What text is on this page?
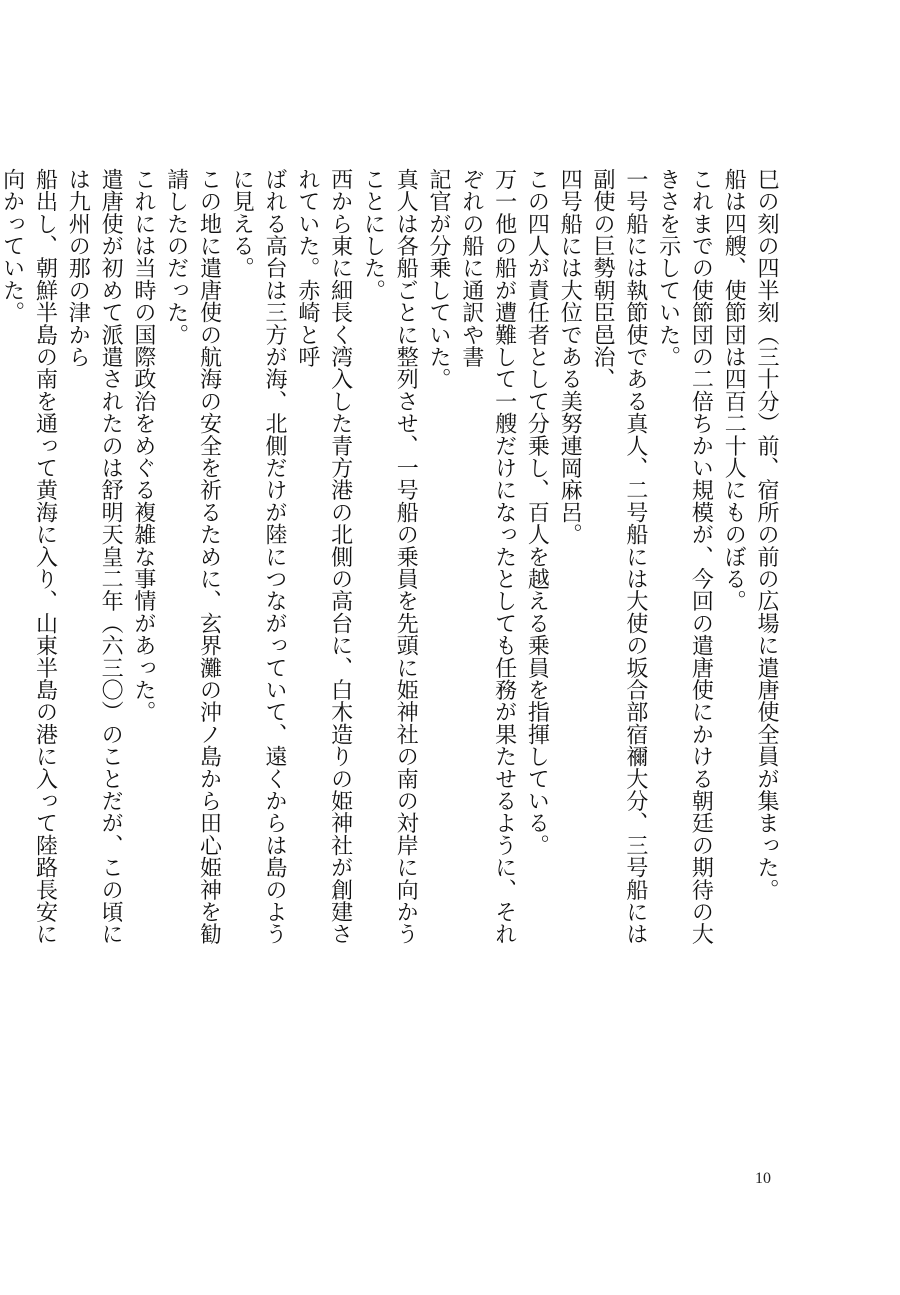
巳の刻の四半刻（三十分）前、宿所の前の広場に遣唐使全員が集まった。

船は四艘、使節団は四百二十人にものぼる。

これまでの使節団の二倍ちかい規模が、今回の遣唐使にかける朝廷の期待の大きさを示していた。

一号船には執節使である真人、二号船には大使の坂合部宿禰大分、三号船には副使の巨勢朝臣邑治、

四号船には大位である美努連岡麻呂。

この四人が責任者として分乗し、百人を越える乗員を指揮している。

万一他の船が遭難して一艘だけになったとしても任務が果たせるように、それぞれの船に通訳や書

記官が分乗していた。

真人は各船ごとに整列させ、一号船の乗員を先頭に姫神社の南の対岸に向かうことにした。

西から東に細長く湾入した青方港の北側の高台に、白木造りの姫神社が創建されていた。赤崎と呼

ばれる高台は三方が海、北側だけが陸につながっていて、遠くからは島のように見える。

この地に遣唐使の航海の安全を祈るために、玄界灘の沖ノ島から田心姫神を勧請したのだった。

これには当時の国際政治をめぐる複雑な事情があった。

遣唐使が初めて派遣されたのは舒明天皇二年（六三〇）のことだが、この頃には九州の那の津から

船出し、朝鮮半島の南を通って黄海に入り、山東半島の港に入って陸路長安に向かっていた。

10
